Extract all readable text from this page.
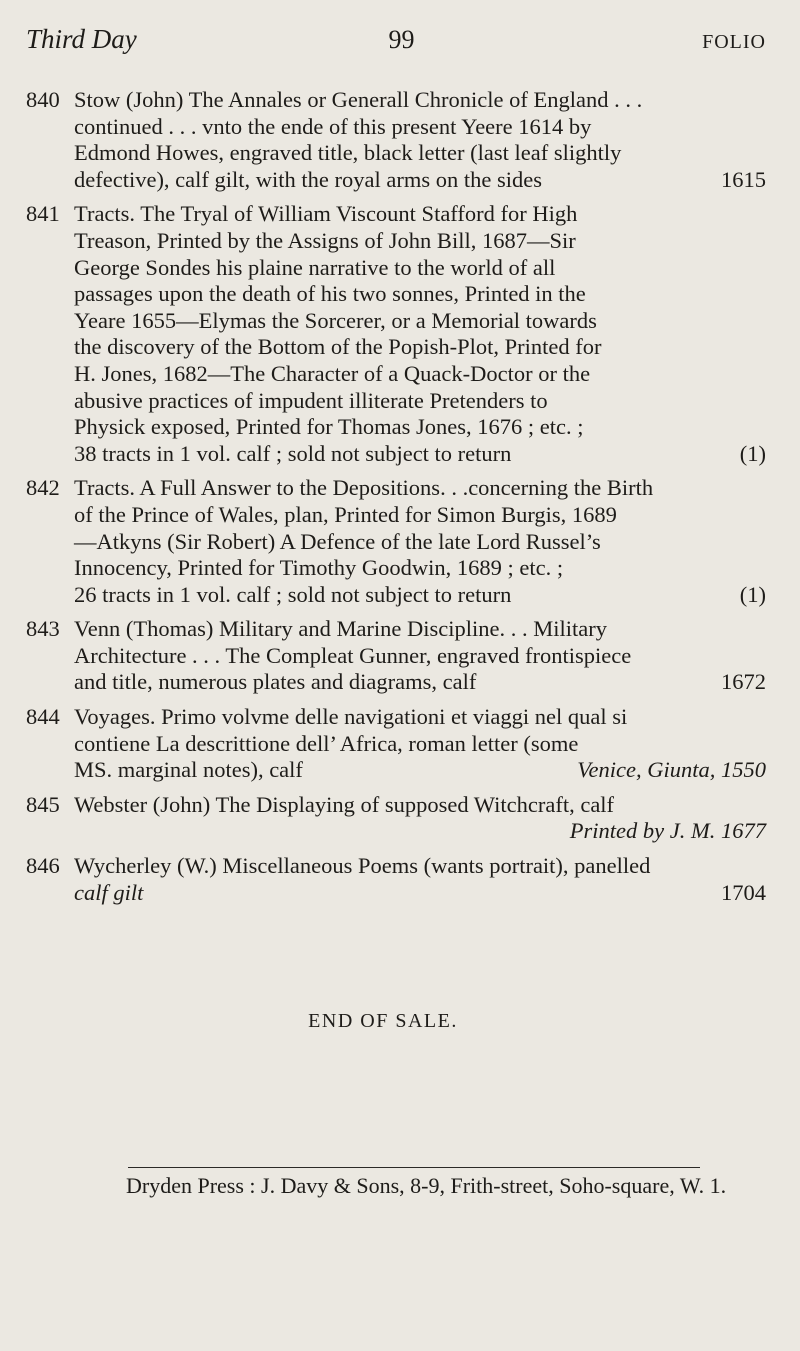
Third Day	99	FOLIO
840 Stow (John) The Annales or Generall Chronicle of England . . .
continued . . . vnto the ende of this present Yeere 1614 by
Edmond Howes, engraved title, black letter (last leaf slightly
defective), calf gilt, with the royal arms on the sides	1615
841 Tracts. The Tryal of William Viscount Stafford for High
Treason, Printed by the Assigns of John Bill, 1687—Sir
George Sondes his plaine narrative to the world of all
passages upon the death of his two sonnes, Printed in the
Yeare 1655—Elymas the Sorcerer, or a Memorial towards
the discovery of the Bottom of the Popish-Plot, Printed for
H. Jones, 1682—The Character of a Quack-Doctor or the
abusive practices of impudent illiterate Pretenders to
Physick exposed, Printed for Thomas Jones, 1676 ; etc. ;
38 tracts in 1 vol. calf ; sold not subject to return	(1)
842 Tracts. A Full Answer to the Depositions. . .concerning the Birth
of the Prince of Wales, plan, Printed for Simon Burgis, 1689
—Atkyns (Sir Robert) A Defence of the late Lord Russel’s
Innocency, Printed for Timothy Goodwin, 1689 ; etc. ;
26 tracts in 1 vol. calf ; sold not subject to return	(1)
843 Venn (Thomas) Military and Marine Discipline. . . Military
Architecture . . . The Compleat Gunner, engraved frontispiece
and title, numerous plates and diagrams, calf	1672
844 Voyages. Primo volvme delle navigationi et viaggi nel qual si
contiene La descrittione dell’ Africa, roman letter (some
MS. marginal notes), calf	Venice, Giunta, 1550
845 Webster (John) The Displaying of supposed Witchcraft, calf
Printed by J. M. 1677
846 Wycherley (W.) Miscellaneous Poems (wants portrait), panelled
calf gilt	1704
END OF SALE.
Dryden Press : J. Davy & Sons, 8-9, Frith-street, Soho-square, W. 1.
